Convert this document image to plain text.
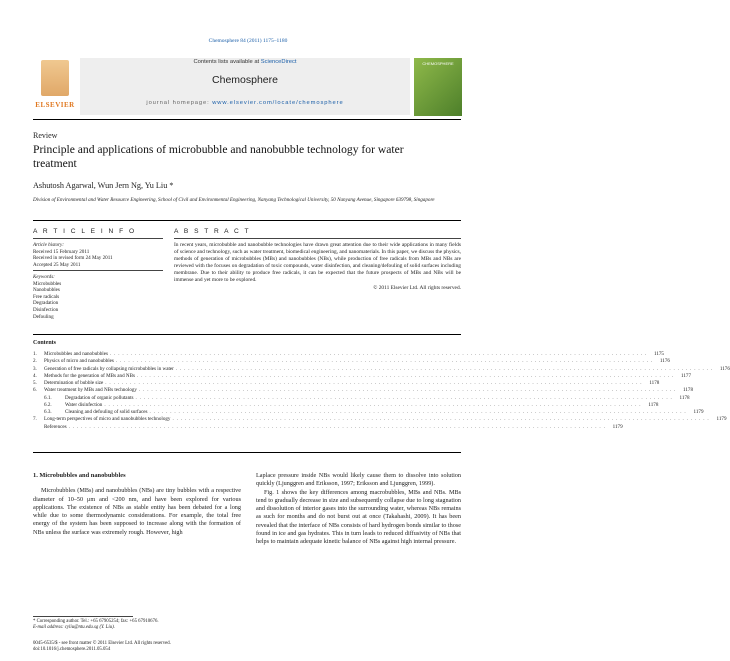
Chemosphere 84 (2011) 1175–1180
ELSEVIER
Contents lists available at ScienceDirect
Chemosphere
journal homepage: www.elsevier.com/locate/chemosphere
CHEMOSPHERE
Review
Principle and applications of microbubble and nanobubble technology for water treatment
Ashutosh Agarwal, Wun Jern Ng, Yu Liu *
Division of Environmental and Water Resource Engineering, School of Civil and Environmental Engineering, Nanyang Technological University, 50 Nanyang Avenue, Singapore 639798, Singapore
A R T I C L E I N F O	A B S T R A C T
Article history:
Received 15 February 2011
Received in revised form 24 May 2011
Accepted 25 May 2011
Keywords:
Microbubbles
Nanobubbles
Free radicals
Degradation
Disinfection
Defouling
In recent years, microbubble and nanobubble technologies have drawn great attention due to their wide applications in many fields of science and technology, such as water treatment, biomedical engineering, and nanomaterials. In this paper, we discuss the physics, methods of generation of microbubbles (MBs) and nanobubbles (NBs), while production of free radicals from MBs and NBs are reviewed with the focuses on degradation of toxic compounds, water disinfection, and cleaning/defouling of solid surfaces including membrane. Due to their ability to produce free radicals, it can be expected that the future prospects of MBs and NBs will be immense and yet more to be explored.
© 2011 Elsevier Ltd. All rights reserved.
Contents
1.	Microbubbles and nanobubbles . . . . . . . . . . . . . . . . . . . . . . . . . . . . . . . . . . . . . . . . . . . . . . . . . . . . . . . . . . . . . . . . . . . . . . . . . . . . . . . . . . . . . . . . . . . . . . . . . . . . . . . . . . . . . . . . . . . . . . . . . . . . . . . . . .	1175
2.	Physics of micro and nanobubbles . . . . . . . . . . . . . . . . . . . . . . . . . . . . . . . . . . . . . . . . . . . . . . . . . . . . . . . . . . . . . . . . . . . . . . . . . . . . . . . . . . . . . . . . . . . . . . . . . . . . . . . . . . . . . . . . . . . . . . . . . . . . . . . . . .	1176
3.	Generation of free radicals by collapsing microbubbles in water . . . . . . . . . . . . . . . . . . . . . . . . . . . . . . . . . . . . . . . . . . . . . . . . . . . . . . . . . . . . . . . . . . . . . . . . . . . . . . . . . . . . . . . . . . . . . . . . . . . . . . . . . . . . . . . . . . . . . . . . . . . . . . . . . .	1176
4.	Methods for the generation of MBs and NBs . . . . . . . . . . . . . . . . . . . . . . . . . . . . . . . . . . . . . . . . . . . . . . . . . . . . . . . . . . . . . . . . . . . . . . . . . . . . . . . . . . . . . . . . . . . . . . . . . . . . . . . . . . . . . . . . . . . . . . . . . . . . . . . . . .	1177
5.	Determination of bubble size . . . . . . . . . . . . . . . . . . . . . . . . . . . . . . . . . . . . . . . . . . . . . . . . . . . . . . . . . . . . . . . . . . . . . . . . . . . . . . . . . . . . . . . . . . . . . . . . . . . . . . . . . . . . . . . . . . . . . . . . . . . . . . . . . .	1178
6.	Water treatment by MBs and NBs technology . . . . . . . . . . . . . . . . . . . . . . . . . . . . . . . . . . . . . . . . . . . . . . . . . . . . . . . . . . . . . . . . . . . . . . . . . . . . . . . . . . . . . . . . . . . . . . . . . . . . . . . . . . . . . . . . . . . . . . . . . . . . . . . . . .	1178
6.1.	Degradation of organic pollutants . . . . . . . . . . . . . . . . . . . . . . . . . . . . . . . . . . . . . . . . . . . . . . . . . . . . . . . . . . . . . . . . . . . . . . . . . . . . . . . . . . . . . . . . . . . . . . . . . . . . . . . . . . . . . . . . . . . . . . . . . . . . . . . . . .	1178
6.2.	Water disinfection . . . . . . . . . . . . . . . . . . . . . . . . . . . . . . . . . . . . . . . . . . . . . . . . . . . . . . . . . . . . . . . . . . . . . . . . . . . . . . . . . . . . . . . . . . . . . . . . . . . . . . . . . . . . . . . . . . . . . . . . . . . . . . . . . .	1178
6.3.	Cleaning and defouling of solid surfaces . . . . . . . . . . . . . . . . . . . . . . . . . . . . . . . . . . . . . . . . . . . . . . . . . . . . . . . . . . . . . . . . . . . . . . . . . . . . . . . . . . . . . . . . . . . . . . . . . . . . . . . . . . . . . . . . . . . . . . . . . . . . . . . . . .	1179
7.	Long-term perspectives of micro and nanobubbles technology . . . . . . . . . . . . . . . . . . . . . . . . . . . . . . . . . . . . . . . . . . . . . . . . . . . . . . . . . . . . . . . . . . . . . . . . . . . . . . . . . . . . . . . . . . . . . . . . . . . . . . . . . . . . . . . . . . . . . . . . . . . . . . . . . .	1179
References . . . . . . . . . . . . . . . . . . . . . . . . . . . . . . . . . . . . . . . . . . . . . . . . . . . . . . . . . . . . . . . . . . . . . . . . . . . . . . . . . . . . . . . . . . . . . . . . . . . . . . . . . . . . . . . . . . . . . . . . . . . . . . . . . .	1179
1. Microbubbles and nanobubbles

Microbubbles (MBs) and nanobubbles (NBs) are tiny bubbles with a respective diameter of 10–50 μm and <200 nm, and have been explored for various applications. The existence of NBs as stable entity has been debated for a long while due to some thermodynamic considerations. For example, the total free energy of the system has been supposed to increase along with the formation of NBs unless the surface was extremely rough. However, high

Laplace pressure inside NBs would likely cause them to dissolve into solution quickly (Ljunggren and Eriksson, 1997; Eriksson and Ljunggren, 1999).

Fig. 1 shows the key differences among macrobubbles, MBs and NBs. MBs tend to gradually decrease in size and subsequently collapse due to long stagnation and dissolution of interior gases into the surrounding water, whereas NBs remains as such for months and do not burst out at once (Takahashi, 2009). It has been revealed that the interface of NBs consists of hard hydrogen bonds similar to those found in ice and gas hydrates. This in turn leads to reduced diffusivity of NBs that helps to maintain adequate kinetic balance of NBs against high internal pressure.

* Corresponding author. Tel.: +65 67905254; fax: +65 67910676.
E-mail address: cyliu@ntu.edu.sg (Y. Liu).
0045-6535/$ - see front matter © 2011 Elsevier Ltd. All rights reserved.
doi:10.1016/j.chemosphere.2011.05.054
